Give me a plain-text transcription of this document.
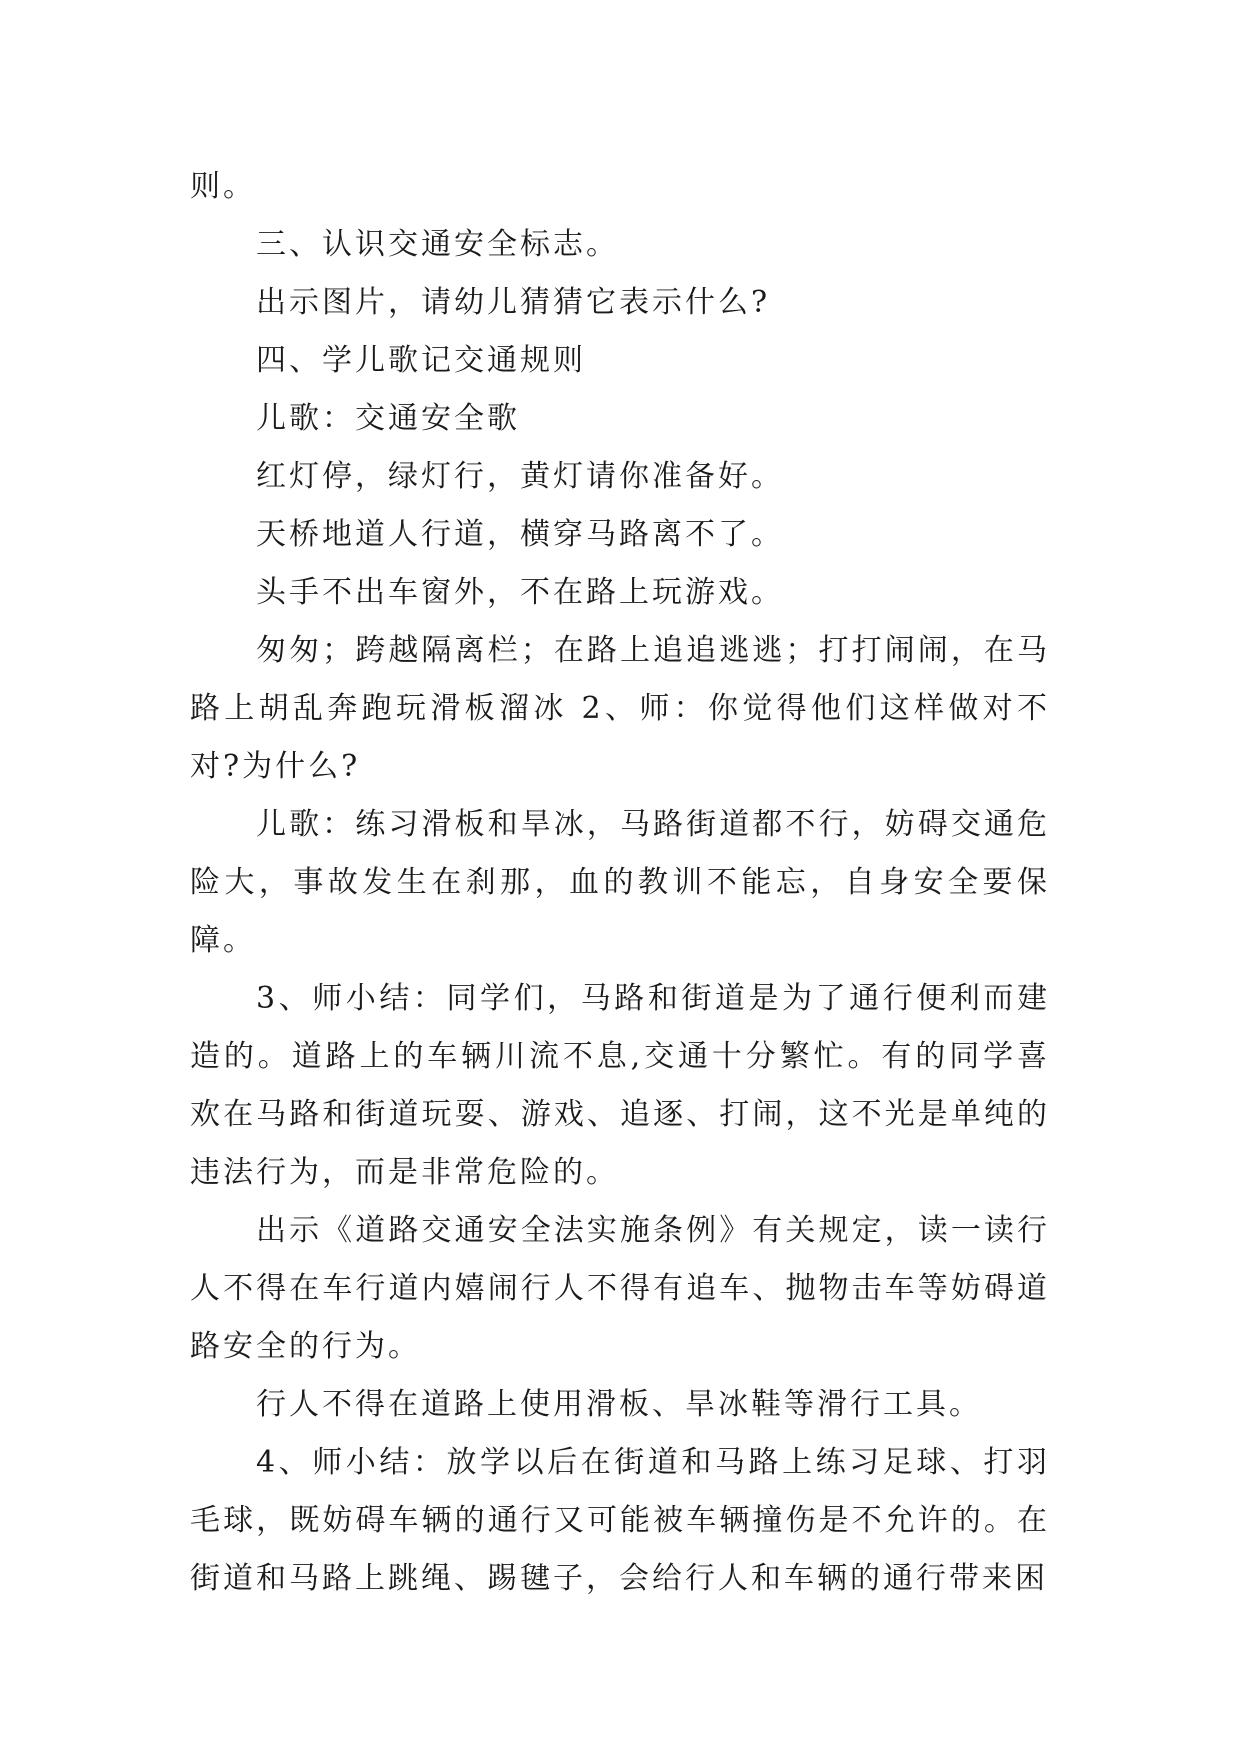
则。

三、认识交通安全标志。

出示图片，请幼儿猜猜它表示什么?

四、学儿歌记交通规则

儿歌：交通安全歌

红灯停，绿灯行，黄灯请你准备好。

天桥地道人行道，横穿马路离不了。

头手不出车窗外，不在路上玩游戏。

匆匆；跨越隔离栏；在路上追追逃逃；打打闹闹，在马路上胡乱奔跑玩滑板溜冰 2、师：你觉得他们这样做对不对?为什么?

儿歌：练习滑板和旱冰，马路街道都不行，妨碍交通危险大，事故发生在刹那，血的教训不能忘，自身安全要保障。

3、师小结：同学们，马路和街道是为了通行便利而建造的。道路上的车辆川流不息,交通十分繁忙。有的同学喜欢在马路和街道玩耍、游戏、追逐、打闹，这不光是单纯的违法行为，而是非常危险的。

出示《道路交通安全法实施条例》有关规定，读一读行人不得在车行道内嬉闹行人不得有追车、抛物击车等妨碍道路安全的行为。

行人不得在道路上使用滑板、旱冰鞋等滑行工具。

4、师小结：放学以后在街道和马路上练习足球、打羽毛球，既妨碍车辆的通行又可能被车辆撞伤是不允许的。在街道和马路上跳绳、踢毽子，会给行人和车辆的通行带来困
